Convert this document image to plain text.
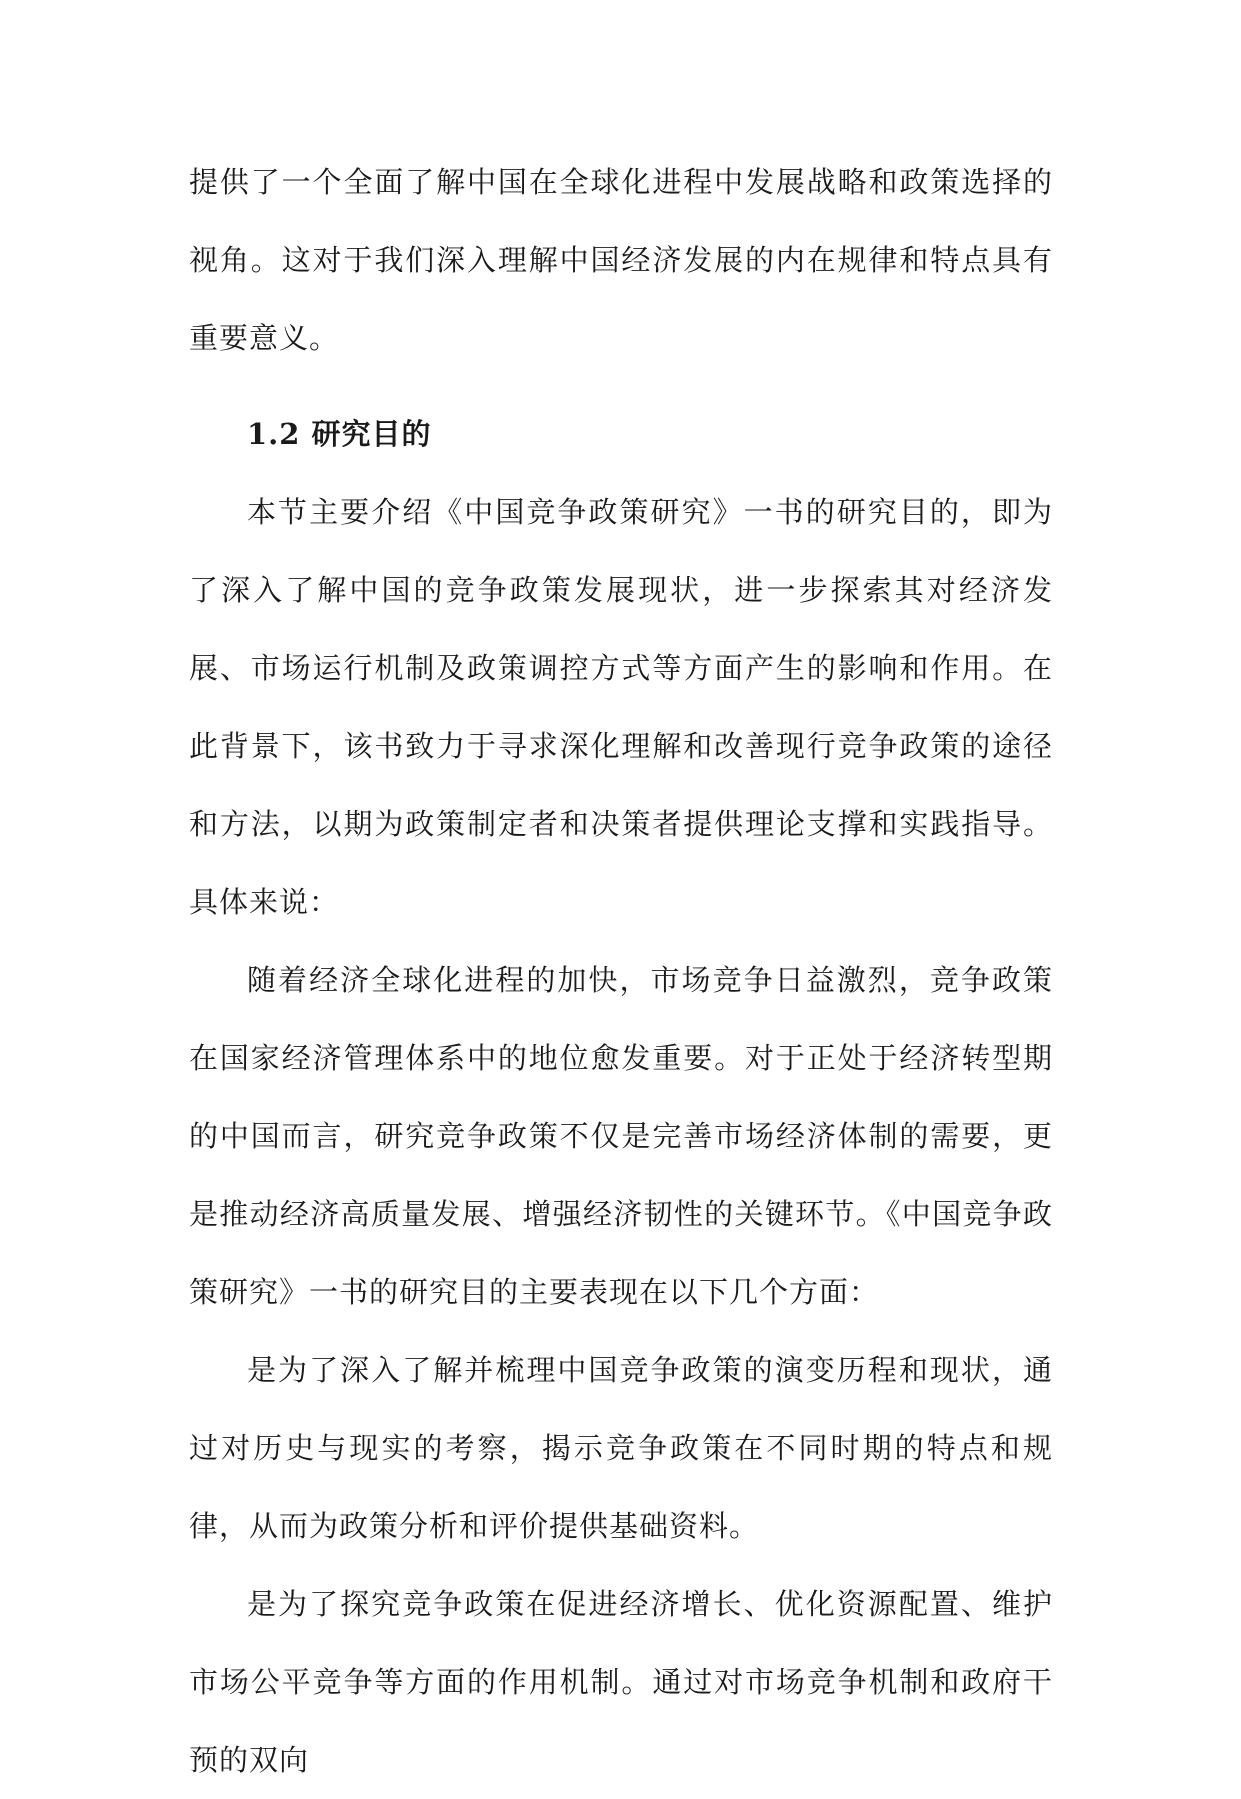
提供了一个全面了解中国在全球化进程中发展战略和政策选择的视角。这对于我们深入理解中国经济发展的内在规律和特点具有重要意义。

1.2 研究目的

本节主要介绍《中国竞争政策研究》一书的研究目的，即为了深入了解中国的竞争政策发展现状，进一步探索其对经济发展、市场运行机制及政策调控方式等方面产生的影响和作用。在此背景下，该书致力于寻求深化理解和改善现行竞争政策的途径和方法，以期为政策制定者和决策者提供理论支撑和实践指导。具体来说：

随着经济全球化进程的加快，市场竞争日益激烈，竞争政策在国家经济管理体系中的地位愈发重要。对于正处于经济转型期的中国而言，研究竞争政策不仅是完善市场经济体制的需要，更是推动经济高质量发展、增强经济韧性的关键环节。《中国竞争政策研究》一书的研究目的主要表现在以下几个方面：

是为了深入了解并梳理中国竞争政策的演变历程和现状，通过对历史与现实的考察，揭示竞争政策在不同时期的特点和规律，从而为政策分析和评价提供基础资料。

是为了探究竞争政策在促进经济增长、优化资源配置、维护市场公平竞争等方面的作用机制。通过对市场竞争机制和政府干预的双向
